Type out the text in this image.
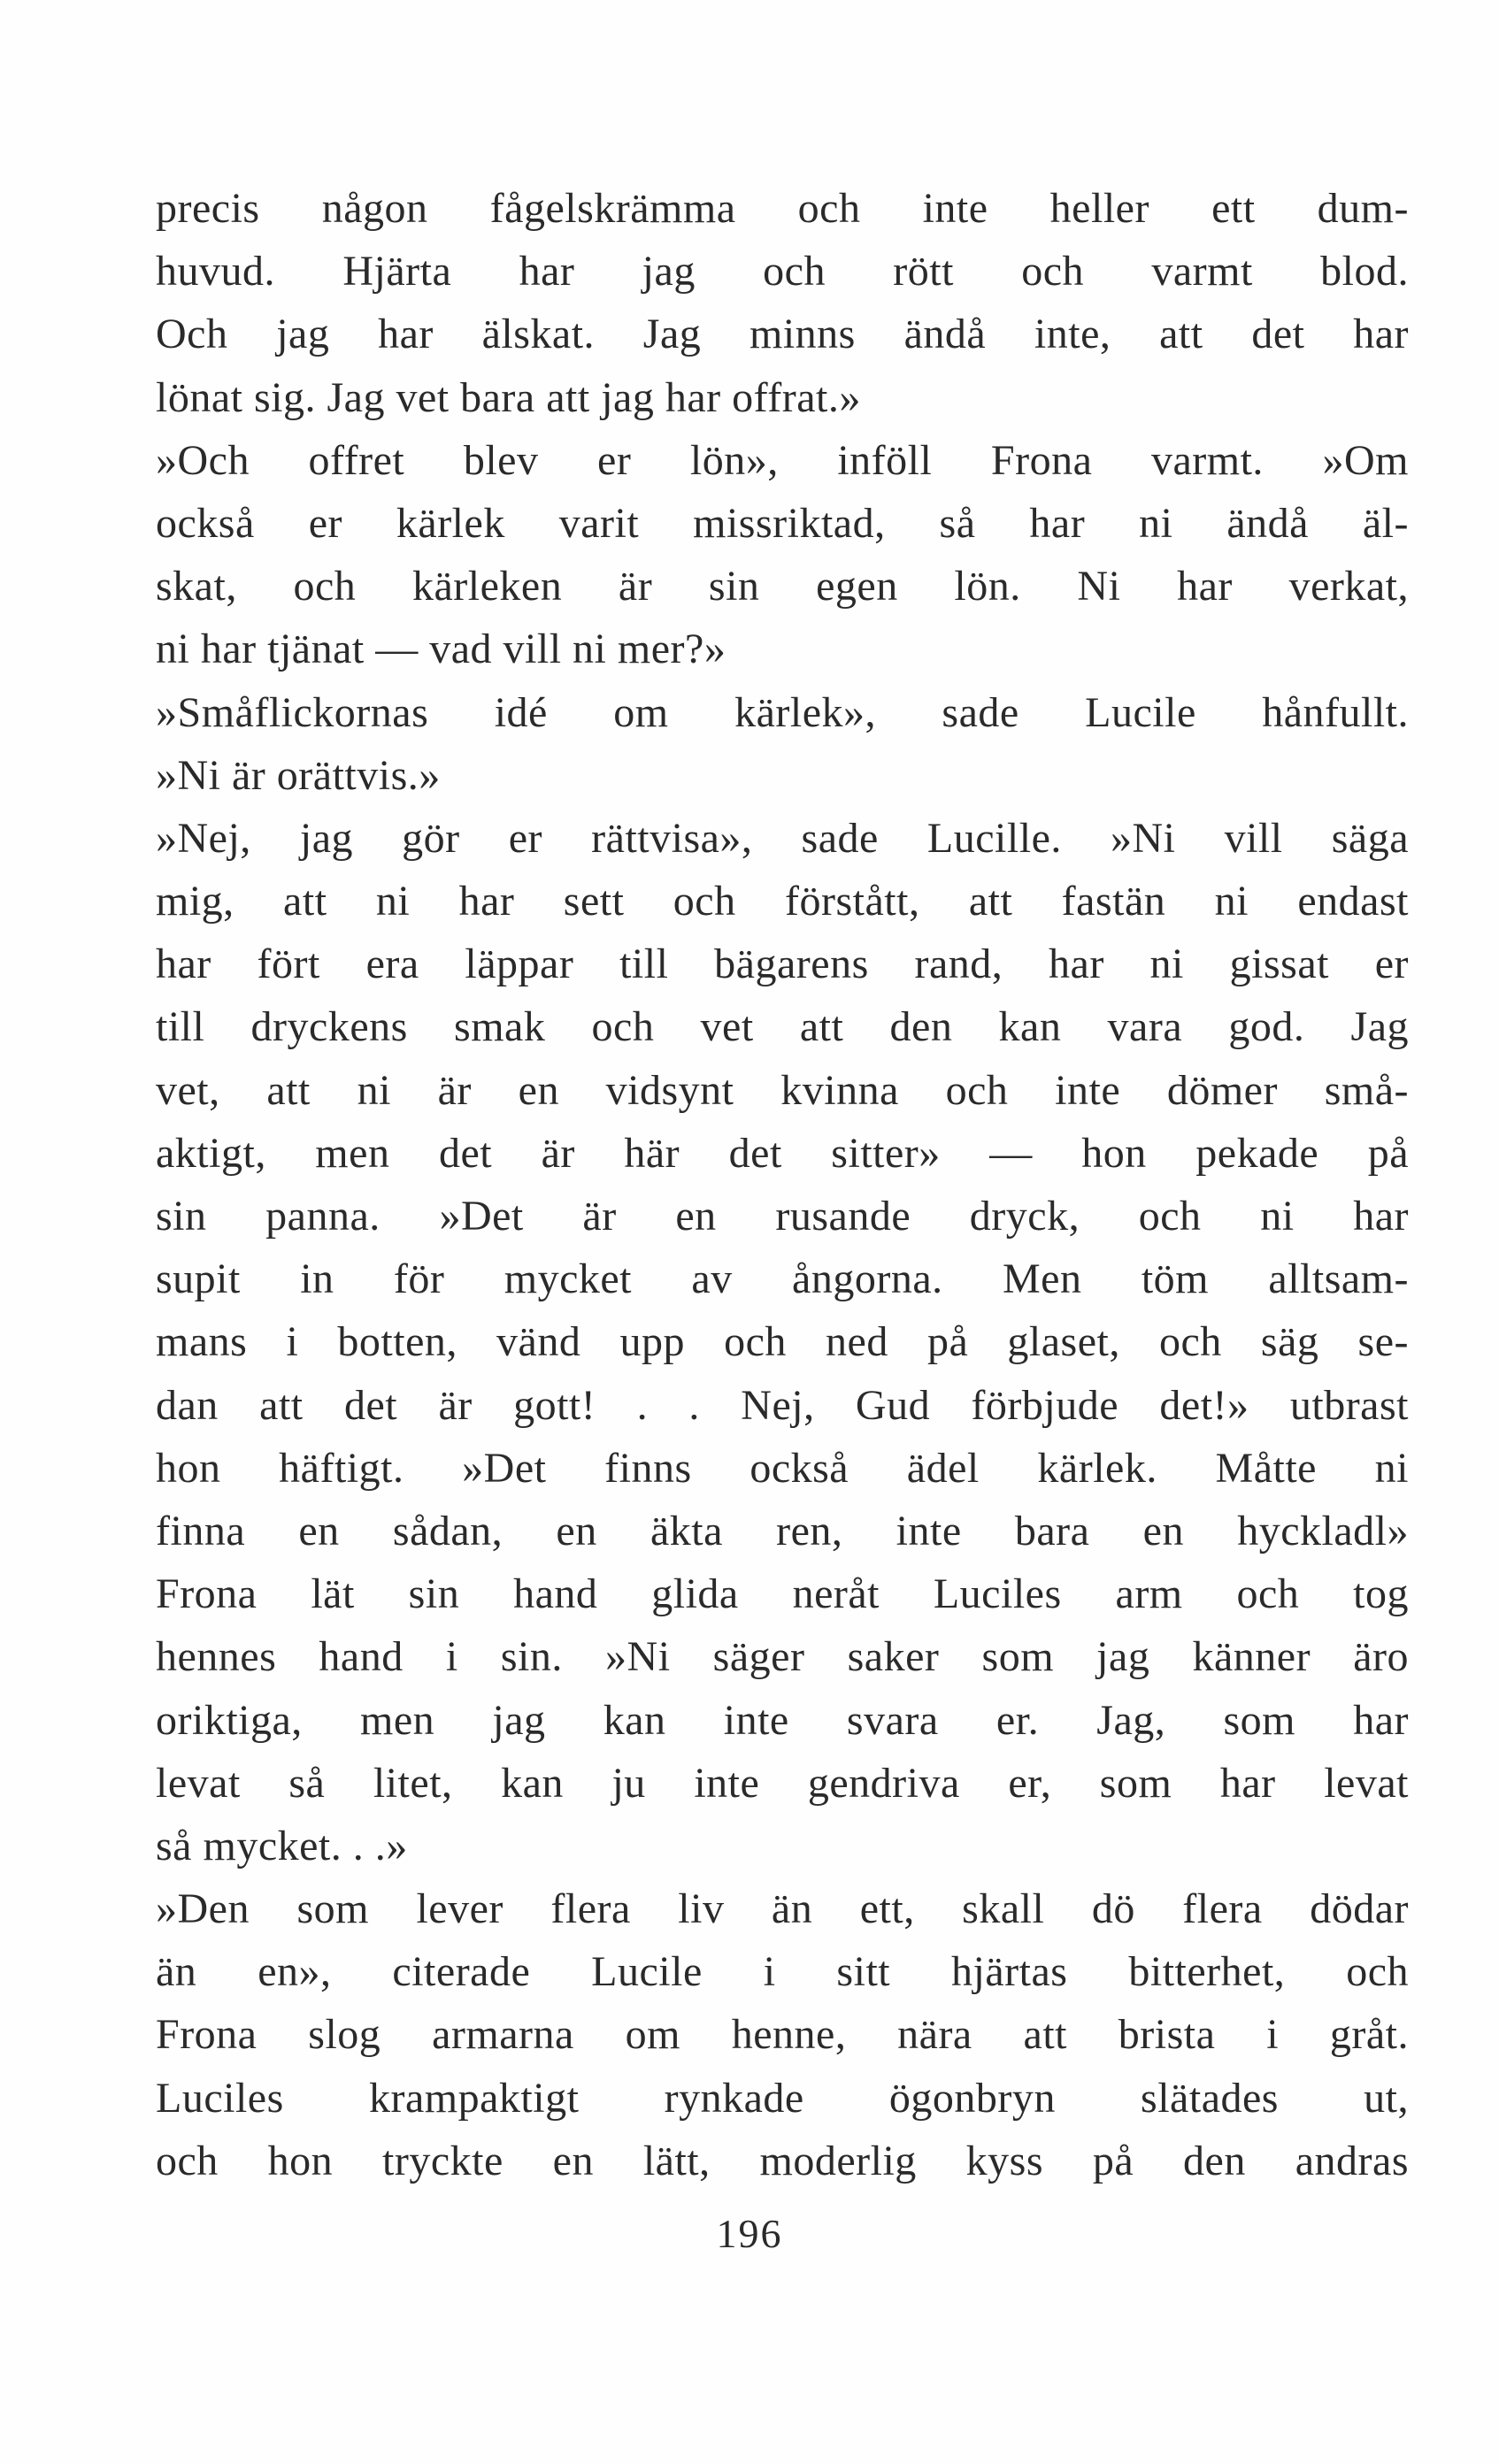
precis någon fågelskrämma och inte heller ett dum-
huvud. Hjärta har jag och rött och varmt blod.
Och jag har älskat. Jag minns ändå inte, att det har
lönat sig. Jag vet bara att jag har offrat.»
»Och offret blev er lön», inföll Frona varmt. »Om
också er kärlek varit missriktad, så har ni ändå äl-
skat, och kärleken är sin egen lön. Ni har verkat,
ni har tjänat — vad vill ni mer?»
»Småflickornas idé om kärlek», sade Lucile hånfullt.
»Ni är orättvis.»
»Nej, jag gör er rättvisa», sade Lucille. »Ni vill säga
mig, att ni har sett och förstått, att fastän ni endast
har fört era läppar till bägarens rand, har ni gissat er
till dryckens smak och vet att den kan vara god. Jag
vet, att ni är en vidsynt kvinna och inte dömer små-
aktigt, men det är här det sitter» — hon pekade på
sin panna. »Det är en rusande dryck, och ni har
supit in för mycket av ångorna. Men töm alltsam-
mans i botten, vänd upp och ned på glaset, och säg se-
dan att det är gott! . . Nej, Gud förbjude det!» utbrast
hon häftigt. »Det finns också ädel kärlek. Måtte ni
finna en sådan, en äkta ren, inte bara en hyckladl»
Frona lät sin hand glida neråt Luciles arm och tog
hennes hand i sin. »Ni säger saker som jag känner äro
oriktiga, men jag kan inte svara er. Jag, som har
levat så litet, kan ju inte gendriva er, som har levat
så mycket. . .»
»Den som lever flera liv än ett, skall dö flera dödar
än en», citerade Lucile i sitt hjärtas bitterhet, och
Frona slog armarna om henne, nära att brista i gråt.
Luciles krampaktigt rynkade ögonbryn slätades ut,
och hon tryckte en lätt, moderlig kyss på den andras
196
